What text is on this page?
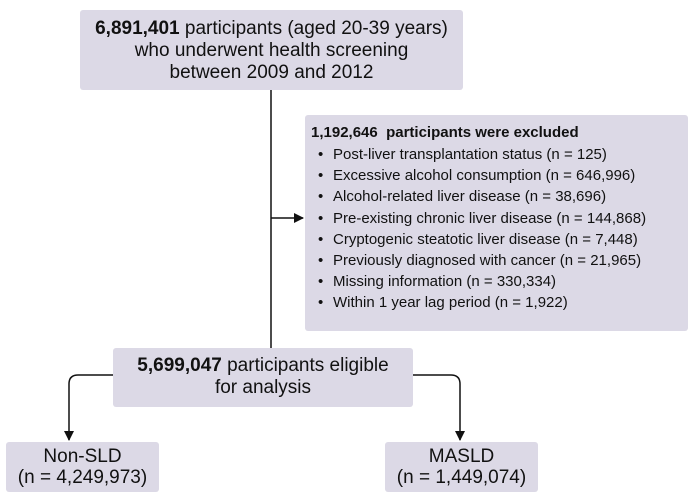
6,891,401 participants (aged 20-39 years)
who underwent health screening
between 2009 and 2012
1,192,646  participants were excluded
• Post-liver transplantation status (n = 125)
• Excessive alcohol consumption (n = 646,996)
• Alcohol-related liver disease (n = 38,696)
• Pre-existing chronic liver disease (n = 144,868)
• Cryptogenic steatotic liver disease (n = 7,448)
• Previously diagnosed with cancer (n = 21,965)
• Missing information (n = 330,334)
• Within 1 year lag period (n = 1,922)
5,699,047 participants eligible
for analysis
Non-SLD
(n = 4,249,973)
MASLD
(n = 1,449,074)
